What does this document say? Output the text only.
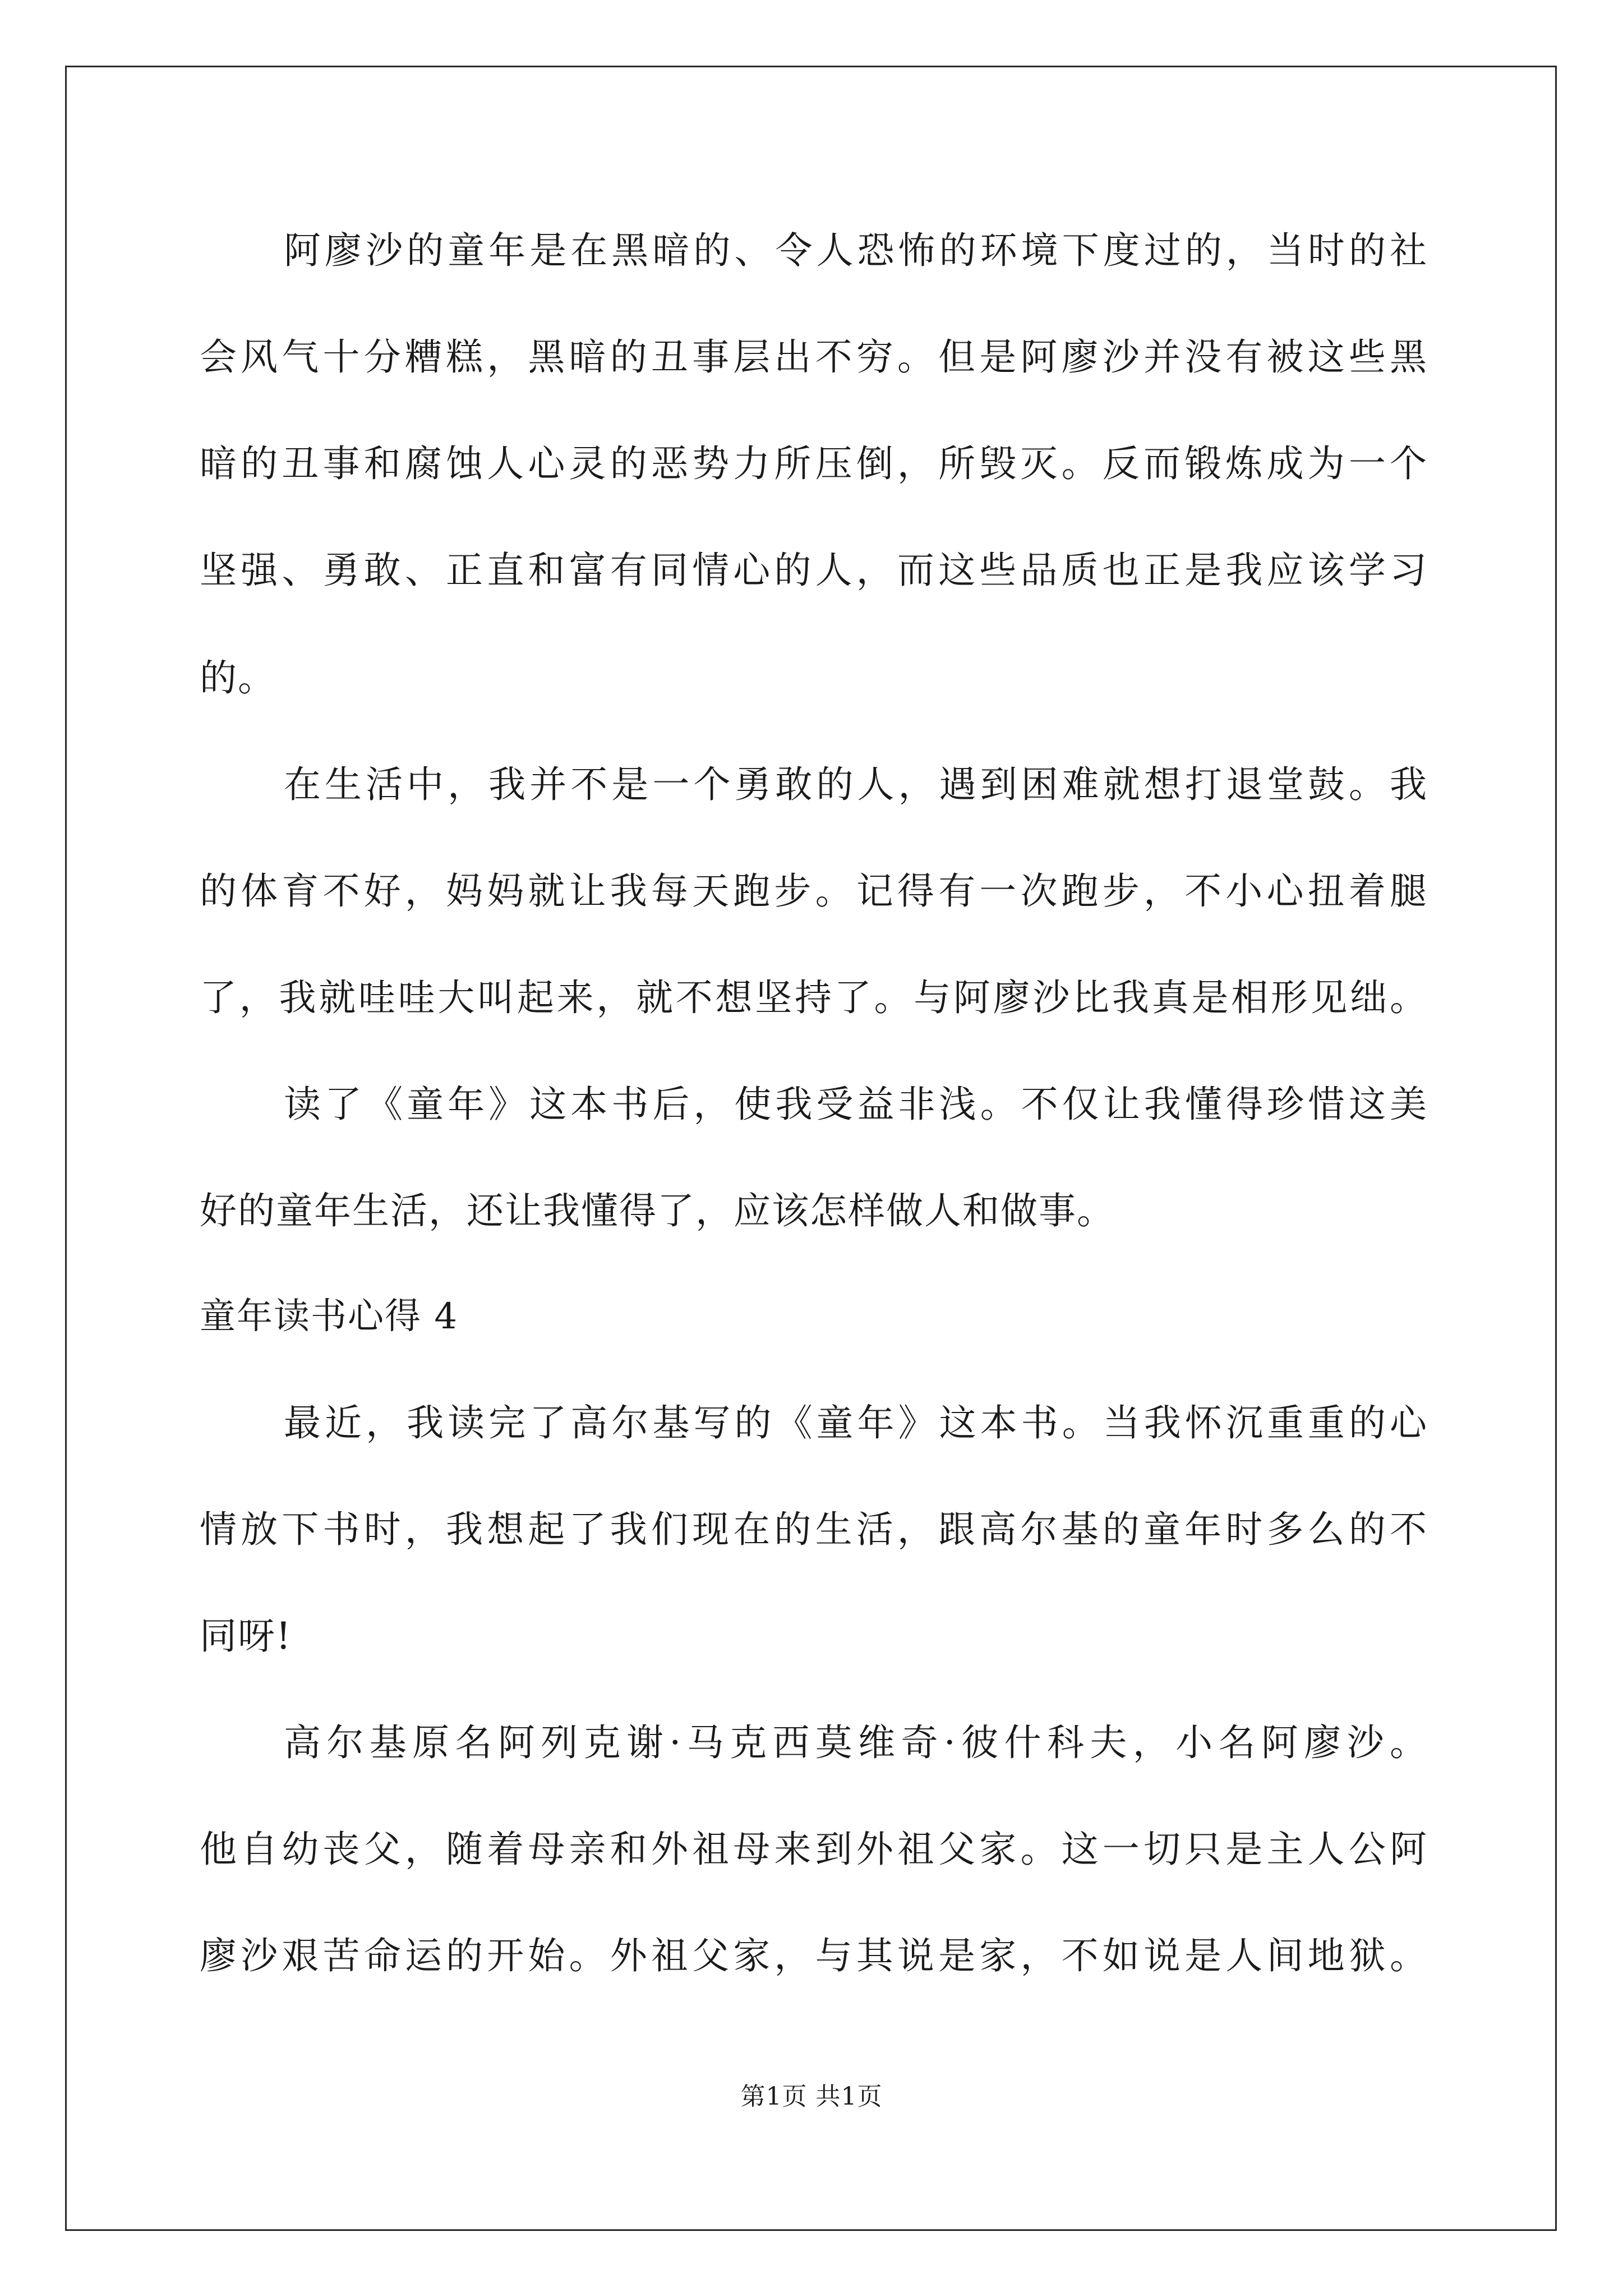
阿廖沙的童年是在黑暗的、令人恐怖的环境下度过的，当时的社
会风气十分糟糕，黑暗的丑事层出不穷。但是阿廖沙并没有被这些黑
暗的丑事和腐蚀人心灵的恶势力所压倒，所毁灭。反而锻炼成为一个
坚强、勇敢、正直和富有同情心的人，而这些品质也正是我应该学习
的。
在生活中，我并不是一个勇敢的人，遇到困难就想打退堂鼓。我
的体育不好，妈妈就让我每天跑步。记得有一次跑步，不小心扭着腿
了，我就哇哇大叫起来，就不想坚持了。与阿廖沙比我真是相形见绌。
读了《童年》这本书后，使我受益非浅。不仅让我懂得珍惜这美
好的童年生活，还让我懂得了，应该怎样做人和做事。
童年读书心得 4
最近，我读完了高尔基写的《童年》这本书。当我怀沉重重的心
情放下书时，我想起了我们现在的生活，跟高尔基的童年时多么的不
同呀!
高尔基原名阿列克谢·马克西莫维奇·彼什科夫，小名阿廖沙。
他自幼丧父，随着母亲和外祖母来到外祖父家。这一切只是主人公阿
廖沙艰苦命运的开始。外祖父家，与其说是家，不如说是人间地狱。
第1页 共1页
